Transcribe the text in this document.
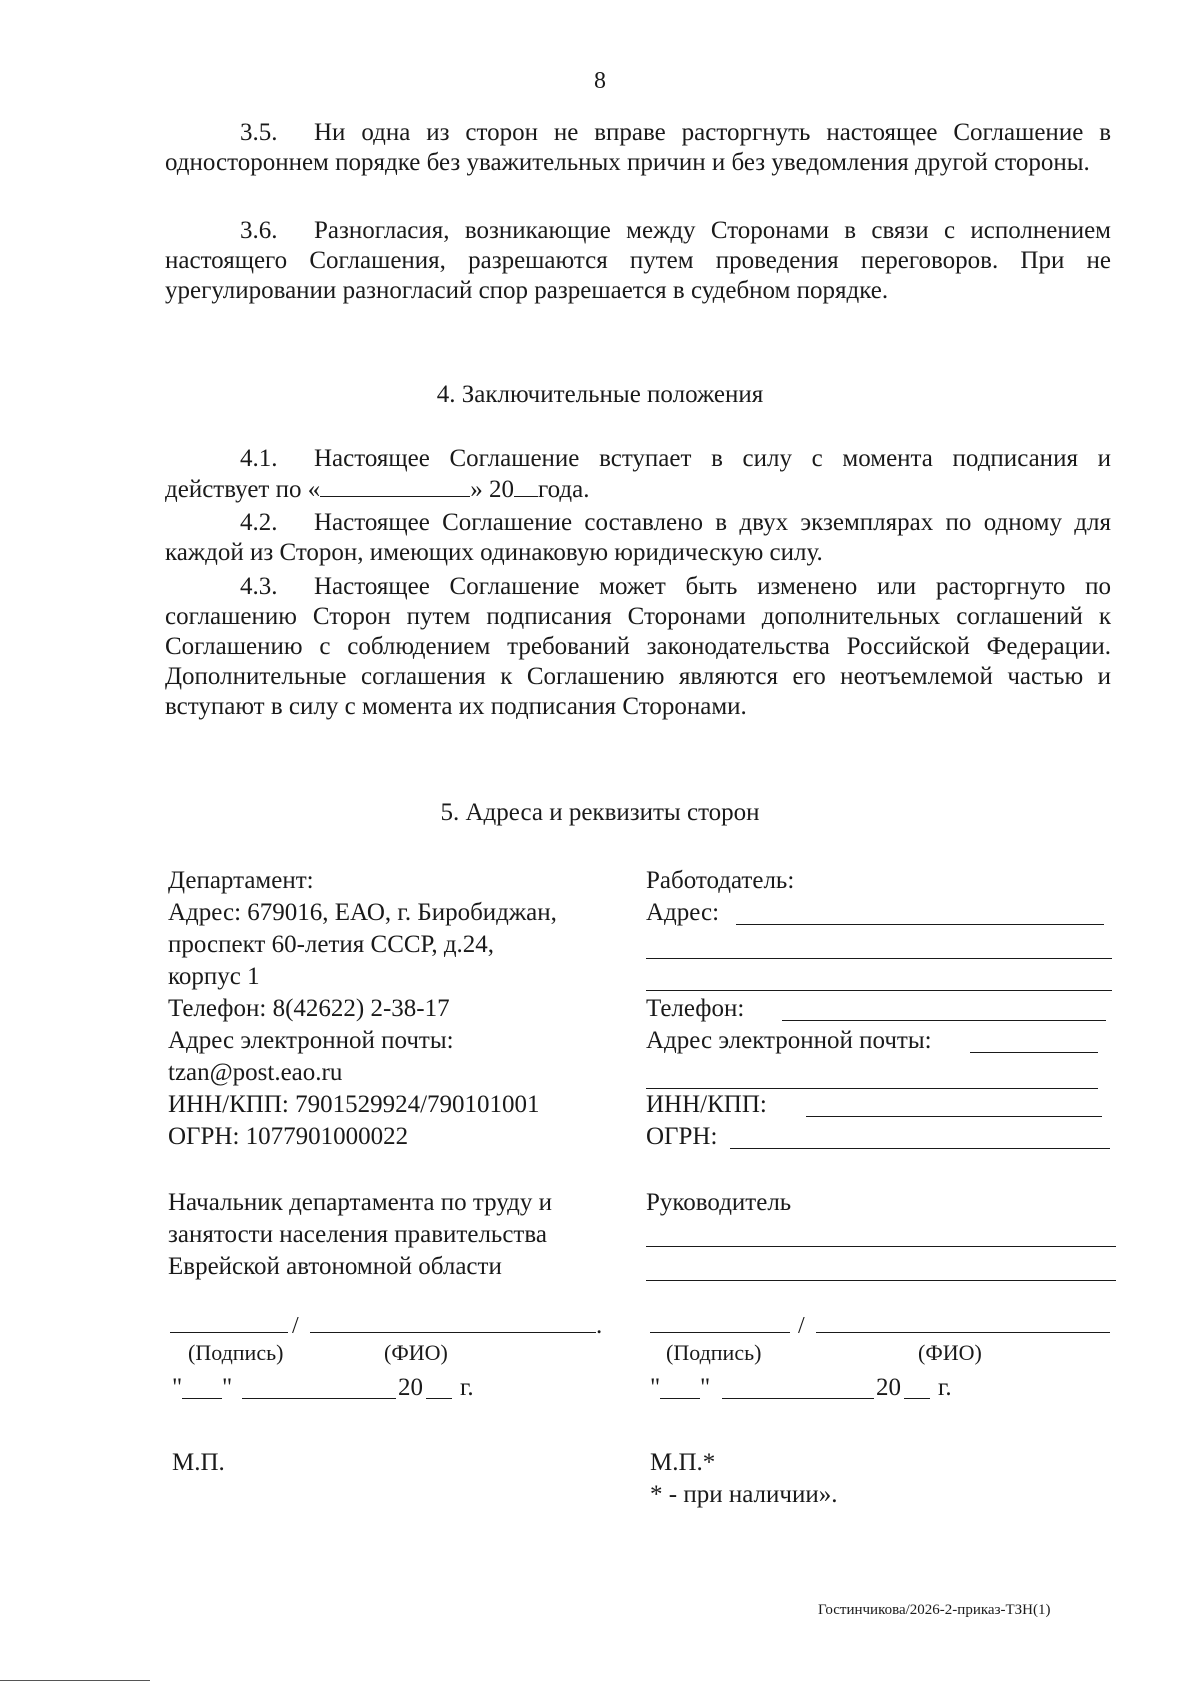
8
3.5. Ни одна из сторон не вправе расторгнуть настоящее Соглашение в одностороннем порядке без уважительных причин и без уведомления другой стороны.
3.6. Разногласия, возникающие между Сторонами в связи с исполнением настоящего Соглашения, разрешаются путем проведения переговоров. При не урегулировании разногласий спор разрешается в судебном порядке.
4. Заключительные положения
4.1. Настоящее Соглашение вступает в силу с момента подписания и действует по «	» 20 года.
4.2. Настоящее Соглашение составлено в двух экземплярах по одному для каждой из Сторон, имеющих одинаковую юридическую силу.
4.3. Настоящее Соглашение может быть изменено или расторгнуто по соглашению Сторон путем подписания Сторонами дополнительных соглашений к Соглашению с соблюдением требований законодательства Российской Федерации. Дополнительные соглашения к Соглашению являются его неотъемлемой частью и вступают в силу с момента их подписания Сторонами.
5. Адреса и реквизиты сторон
Департамент:
Адрес: 679016, ЕАО, г. Биробиджан,
проспект 60-летия СССР, д.24,
корпус 1
Телефон: 8(42622) 2-38-17
Адрес электронной почты:
tzan@post.eao.ru
ИНН/КПП: 7901529924/790101001
ОГРН: 1077901000022
Начальник департамента по труду и
занятости населения правительства
Еврейской автономной области
/	.
(Подпись)	(ФИО)
" "	20 г.
М.П.
Работодатель:
Адрес:
Телефон:
Адрес электронной почты:
ИНН/КПП:
ОГРН:
Руководитель
/
(Подпись)	(ФИО)
" "	20 г.
М.П.*
* - при наличии».
Гостинчикова/2026-2-приказ-ТЗН(1)
